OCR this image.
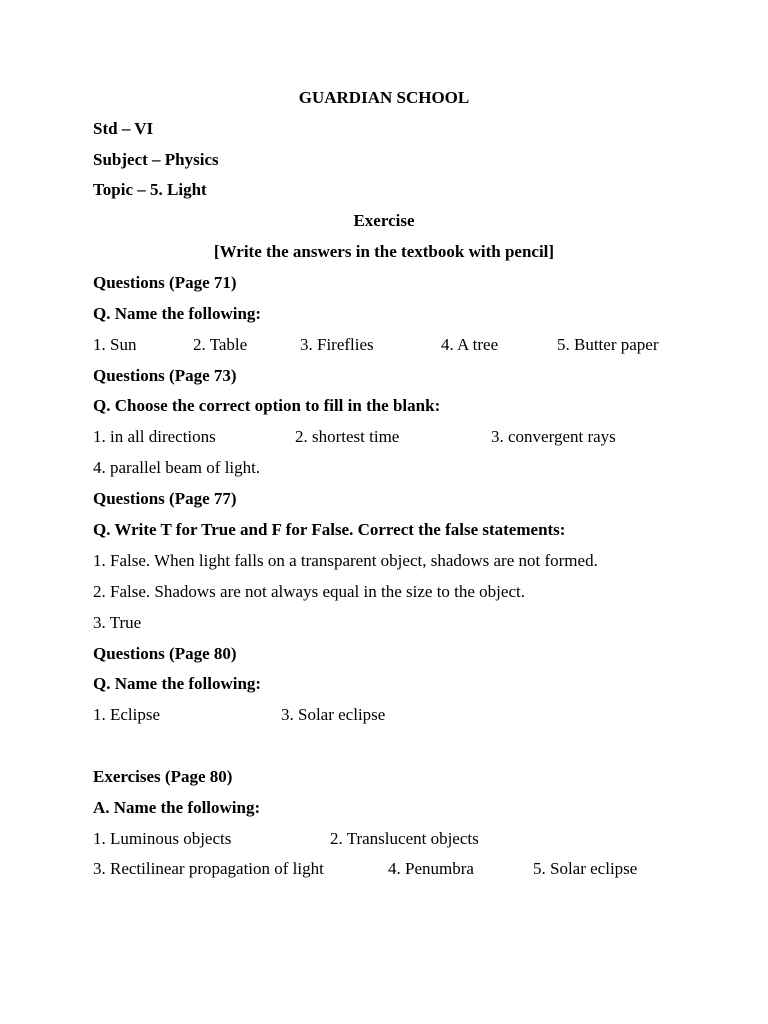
GUARDIAN SCHOOL
Std – VI
Subject – Physics
Topic – 5. Light
Exercise
[Write the answers in the textbook with pencil]
Questions (Page 71)
Q. Name the following:
1. Sun	2. Table	3. Fireflies	4. A tree	5. Butter paper
Questions (Page 73)
Q. Choose the correct option to fill in the blank:
1. in all directions	2. shortest time	3. convergent rays
4. parallel beam of light.
Questions (Page 77)
Q. Write T for True and F for False. Correct the false statements:
1. False. When light falls on a transparent object, shadows are not formed.
2. False. Shadows are not always equal in the size to the object.
3. True
Questions (Page 80)
Q. Name the following:
1. Eclipse	3. Solar eclipse
Exercises (Page 80)
A. Name the following:
1. Luminous objects	2. Translucent objects
3. Rectilinear propagation of light	4. Penumbra	5. Solar eclipse
